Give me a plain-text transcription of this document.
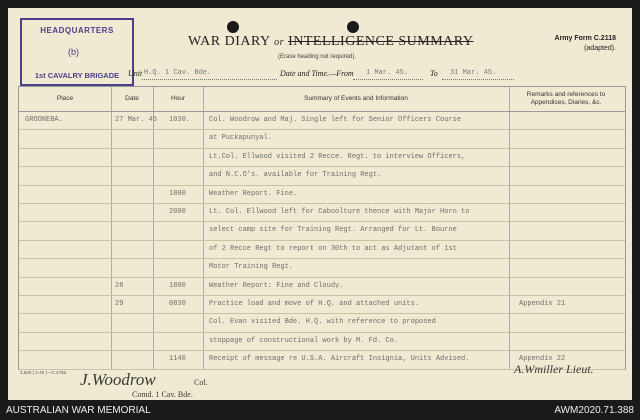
HEADQUARTERS
(b)
1st CAVALRY BRIGADE
WAR DIARY or INTELLIGENCE SUMMARY
(Erase heading not required).
Army Form C.2118
(adapted).
Unit H.Q. 1 Cav. Bde.	Date and Time.—From 1 Mar. 45.	To 31 Mar. 45.
Place	Date	Hour	Summary of Events and Information
Remarks and references to Appendices, Diaries, &c.
GROONEBA.	27 Mar. 45 1030.	Col. Woodrow and Maj. Single left for Senior Officers Course
at Puckapunyal.
Lt.Col. Ellwood visited 2 Recce. Regt. to interview Officers,
and N.C.O's. available for Training Regt.
1800	Weather Report. Fine.
2000	Lt. Col. Ellwood left for Caboolture thence with Major Horn to
select camp site for Training Regt. Arranged for Lt. Bourne
of 2 Recce Regt to report on 30th to act as Adjutant of 1st
Motor Training Regt.
28	1800	Weather Report: Fine and Cloudy.
29	0830	Practice load and move of H.Q. and attached units.	Appendix 21
Col. Evan visited Bde. H.Q. with reference to proposed
stoppage of constructional work by M. Fd. Co.
1140	Receipt of message re U.S.A. Aircraft Insignia, Units Advised.	Appendix 22
3,640 ( 2-40 )—C.4786. J.Woodrow	Col.
Comd. 1 Cav. Bde.
A.Wmiller Lieut.
AUSTRALIAN WAR MEMORIAL	AWM2020.71.388
